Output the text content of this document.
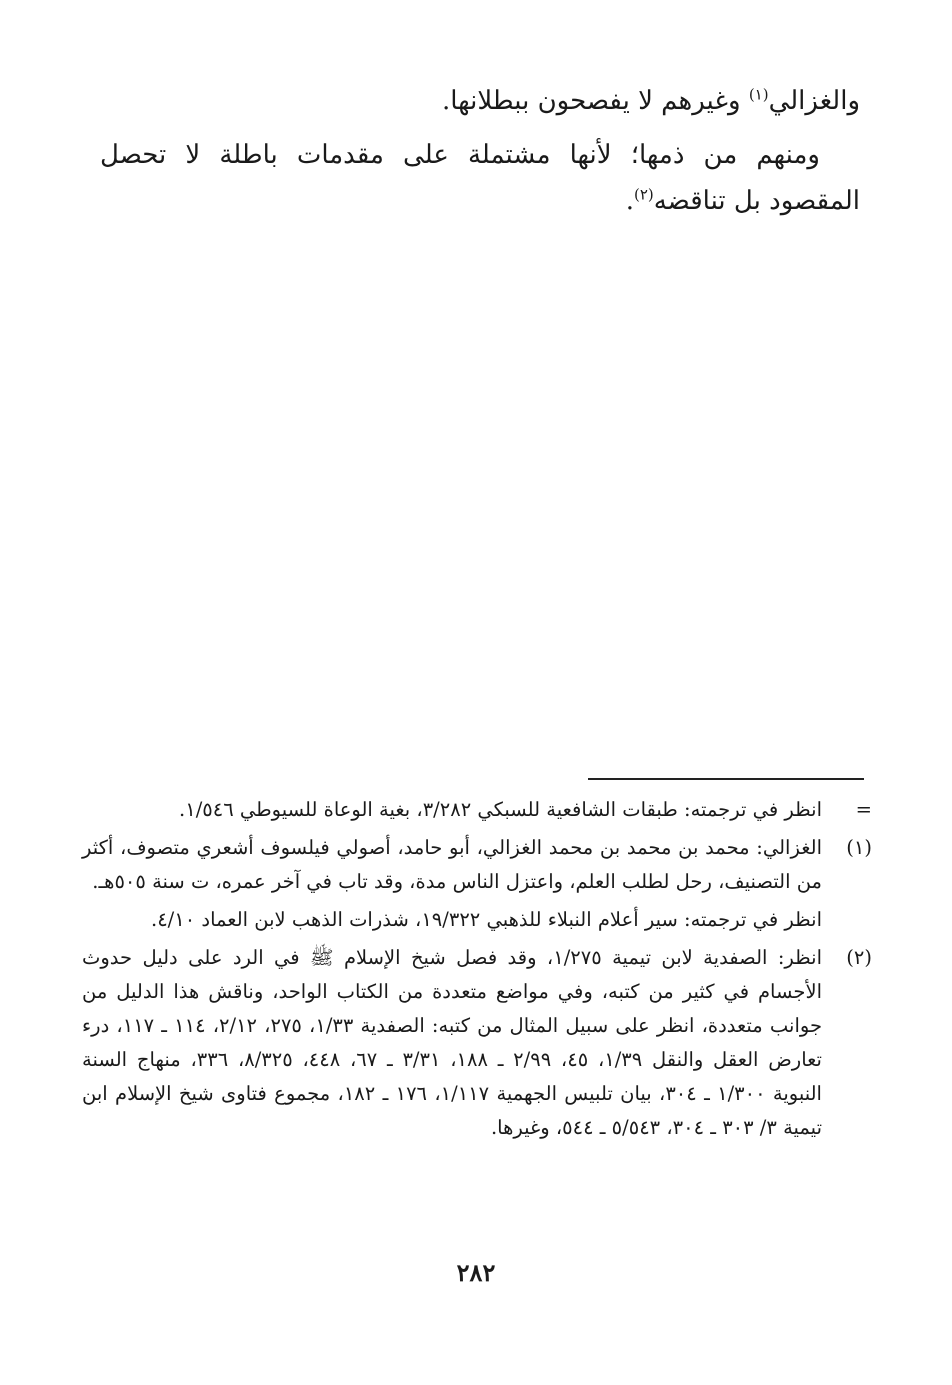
والغزالي$^{(١)}$ وغيرهم لا يفصحون ببطلانها.

ومنهم من ذمها؛ لأنها مشتملة على مقدمات باطلة لا تحصل المقصود بل تناقضه$^{(٢)}$.

=

انظر في ترجمته: طبقات الشافعية للسبكي ٣/٢٨٢، بغية الوعاة للسيوطي ١/٥٤٦.

(١)

الغزالي: محمد بن محمد بن محمد الغزالي، أبو حامد، أصولي فيلسوف أشعري متصوف، أكثر من التصنيف، رحل لطلب العلم، واعتزل الناس مدة، وقد تاب في آخر عمره، ت سنة ٥٠٥هـ.

انظر في ترجمته: سير أعلام النبلاء للذهبي ١٩/٣٢٢، شذرات الذهب لابن العماد ٤/١٠.

(٢)

انظر: الصفدية لابن تيمية ١/٢٧٥، وقد فصل شيخ الإسلام ﷺ في الرد على دليل حدوث الأجسام في كثير من كتبه، وفي مواضع متعددة من الكتاب الواحد، وناقش هذا الدليل من جوانب متعددة، انظر على سبيل المثال من كتبه: الصفدية ١/٣٣، ٢٧٥، ٢/١٢، ١١٤ ـ ١١٧، درء تعارض العقل والنقل ١/٣٩، ٤٥، ٢/٩٩ ـ ١٨٨، ٣/٣١ ـ ٦٧، ٤٤٨، ٨/٣٢٥، ٣٣٦، منهاج السنة النبوية ١/٣٠٠ ـ ٣٠٤، بيان تلبيس الجهمية ١/١١٧، ١٧٦ ـ ١٨٢، مجموع فتاوى شيخ الإسلام ابن تيمية ٣/ ٣٠٣ ـ ٣٠٤، ٥/٥٤٣ ـ ٥٤٤، وغيرها.

٢٨٢
